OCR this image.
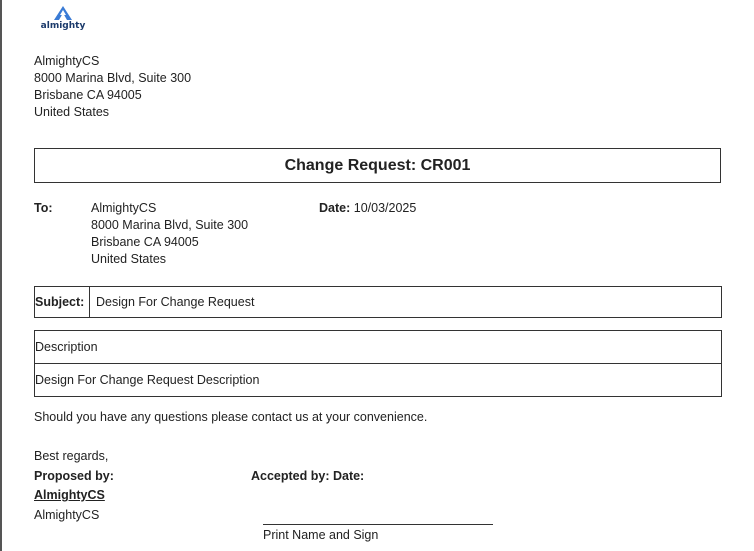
almighty
AlmightyCS
8000 Marina Blvd, Suite 300
Brisbane CA 94005
United States
Change Request: CR001
To:	AlmightyCS
8000 Marina Blvd, Suite 300
Brisbane CA 94005
United States
Date: 10/03/2025
Subject: Design For Change Request
Description
Design For Change Request Description
Should you have any questions please contact us at your convenience.
Best regards,
Proposed by:	Accepted by: Date:
AlmightyCS
AlmightyCS
Print Name and Sign
